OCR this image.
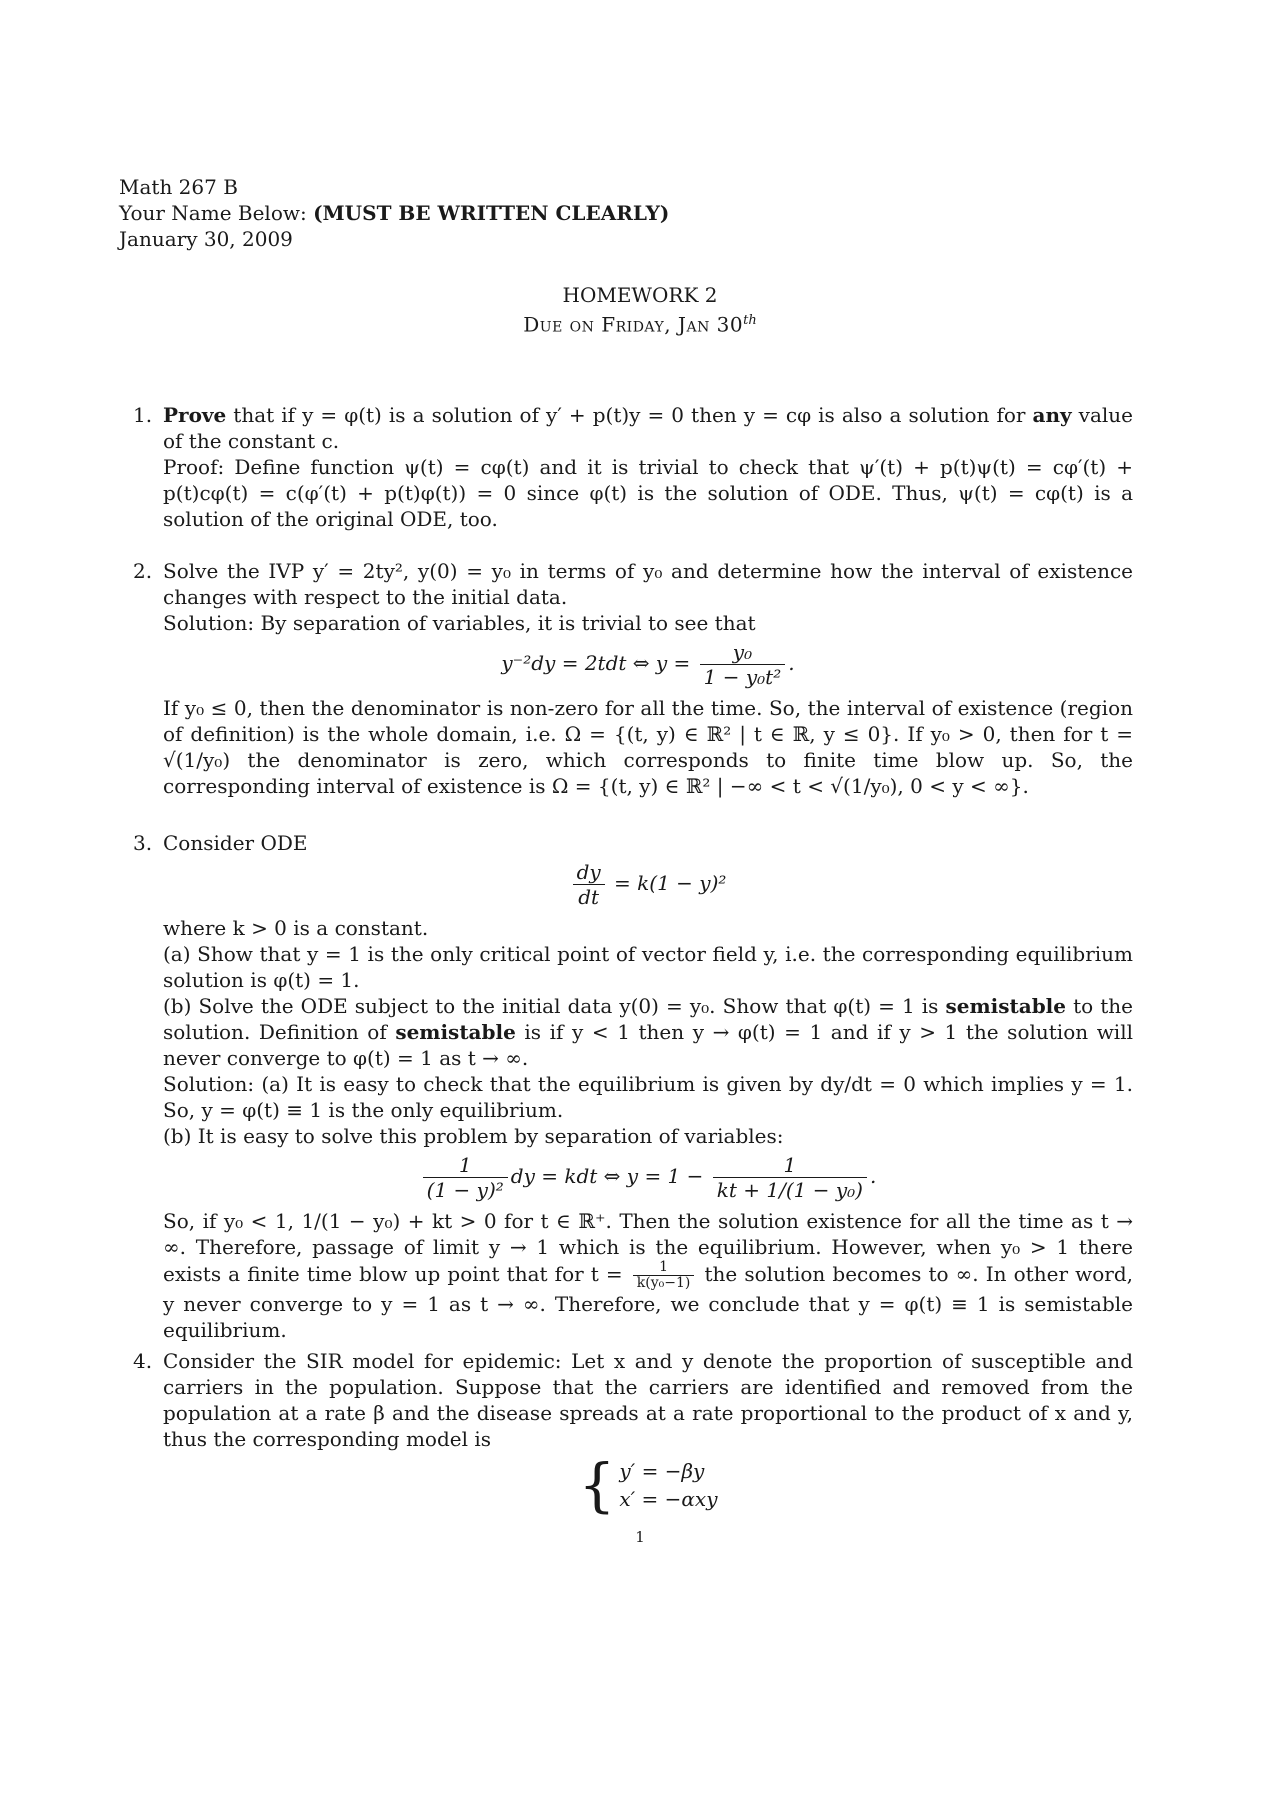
Math 267 B
Your Name Below: (MUST BE WRITTEN CLEARLY)
January 30, 2009
HOMEWORK 2
Due on Friday, Jan 30th
1. Prove that if y = φ(t) is a solution of y′ + p(t)y = 0 then y = cφ is also a solution for any value of the constant c.
Proof: Define function ψ(t) = cφ(t) and it is trivial to check that ψ′(t) + p(t)ψ(t) = cφ′(t) + p(t)cφ(t) = c(φ′(t) + p(t)φ(t)) = 0 since φ(t) is the solution of ODE. Thus, ψ(t) = cφ(t) is a solution of the original ODE, too.
2. Solve the IVP y′ = 2ty², y(0) = y₀ in terms of y₀ and determine how the interval of existence changes with respect to the initial data.
Solution: By separation of variables, it is trivial to see that
y⁻²dy = 2tdt ⇔ $y = \frac{\text{y₀}}{\text{1 − y₀t²}}$ .
If y₀ ≤ 0, then the denominator is non-zero for all the time. So, the interval of existence (region of definition) is the whole domain, i.e. Ω = {(t, y) ∈ ℝ² | t ∈ ℝ, y ≤ 0}. If y₀ > 0, then for t = √(1/y₀) the denominator is zero, which corresponds to finite time blow up. So, the corresponding interval of existence is Ω = {(t, y) ∈ ℝ² | −∞ < t < √(1/y₀), 0 < y < ∞}.
3. Consider ODE
$\frac{dy}{dt} = k(1 - y)^2$
where k > 0 is a constant.
(a) Show that y = 1 is the only critical point of vector field y, i.e. the corresponding equilibrium solution is φ(t) = 1.
(b) Solve the ODE subject to the initial data y(0) = y₀. Show that φ(t) = 1 is semistable to the solution. Definition of semistable is if y < 1 then y → φ(t) = 1 and if y > 1 the solution will never converge to φ(t) = 1 as t → ∞.
Solution: (a) It is easy to check that the equilibrium is given by dy/dt = 0 which implies y = 1. So, y = φ(t) ≡ 1 is the only equilibrium.
(b) It is easy to solve this problem by separation of variables:
$\frac{1}{\text{(1 − y)²}}$ dy = kdt ⇔ $y = 1 - \frac{1}{\text{kt + 1/(1 − y₀)}}$ .
So, if y₀ < 1, 1/(1 − y₀) + kt > 0 for t ∈ ℝ⁺. Then the solution existence for all the time as t → ∞. Therefore, passage of limit y → 1 which is the equilibrium. However, when y₀ > 1 there exists a finite time blow up point that for $t = \frac{1}{\text{k(y₀−1)}}$ the solution becomes to ∞. In other word, y never converge to y = 1 as t → ∞. Therefore, we conclude that y = φ(t) ≡ 1 is semistable equilibrium.
4. Consider the SIR model for epidemic: Let x and y denote the proportion of susceptible and carriers in the population. Suppose that the carriers are identified and removed from the population at a rate β and the disease spreads at a rate proportional to the product of x and y, thus the corresponding model is
{ y′ = −βy
x′ = −αxy
1
